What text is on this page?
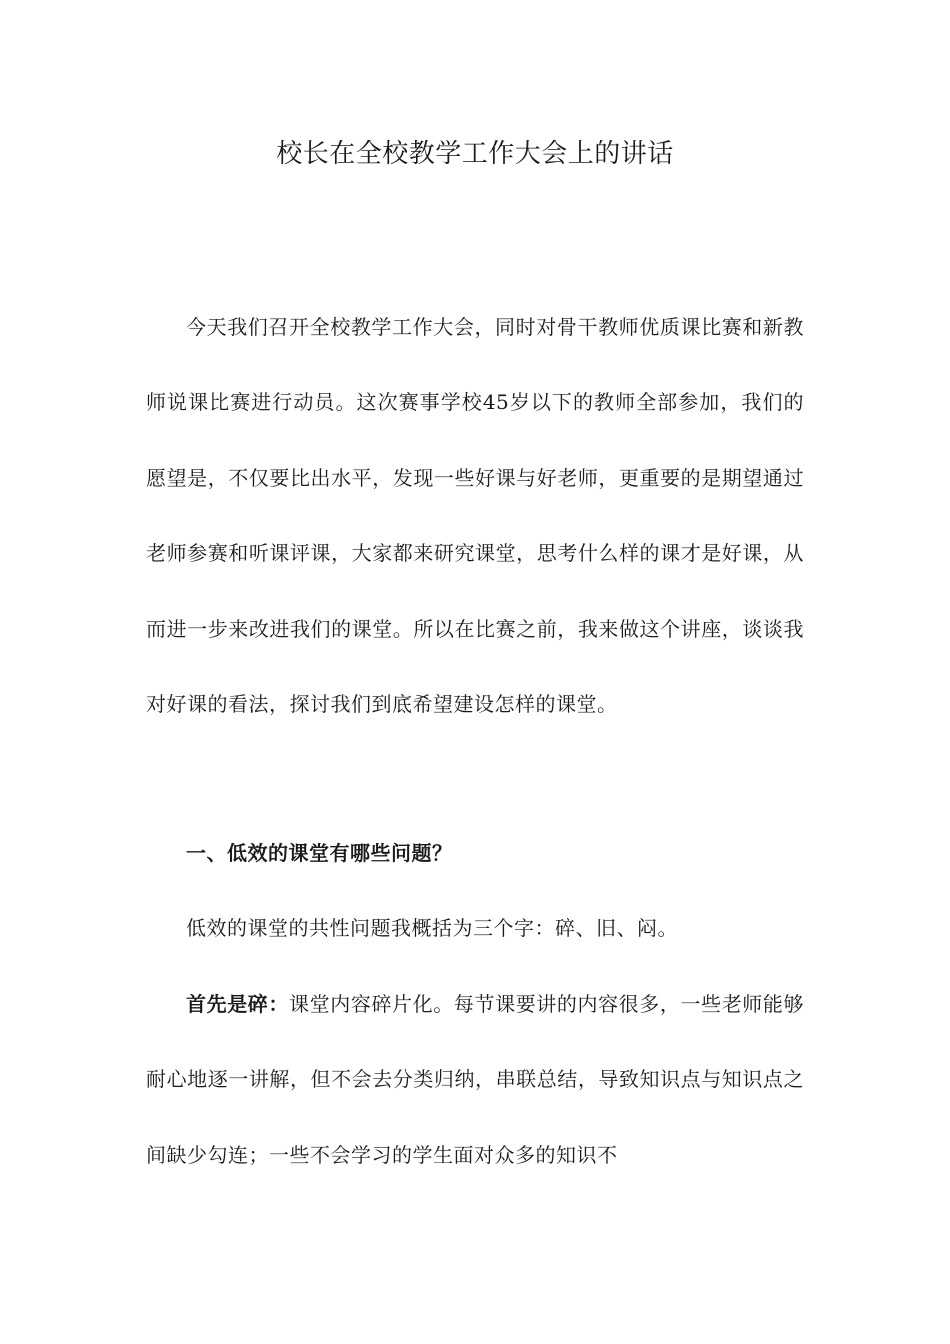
校长在全校教学工作大会上的讲话

今天我们召开全校教学工作大会，同时对骨干教师优质课比赛和新教师说课比赛进行动员。这次赛事学校45岁以下的教师全部参加，我们的愿望是，不仅要比出水平，发现一些好课与好老师，更重要的是期望通过老师参赛和听课评课，大家都来研究课堂，思考什么样的课才是好课，从而进一步来改进我们的课堂。所以在比赛之前，我来做这个讲座，谈谈我对好课的看法，探讨我们到底希望建设怎样的课堂。

一、低效的课堂有哪些问题？

低效的课堂的共性问题我概括为三个字：碎、旧、闷。

首先是碎：课堂内容碎片化。每节课要讲的内容很多，一些老师能够耐心地逐一讲解，但不会去分类归纳，串联总结，导致知识点与知识点之间缺少勾连；一些不会学习的学生面对众多的知识不
